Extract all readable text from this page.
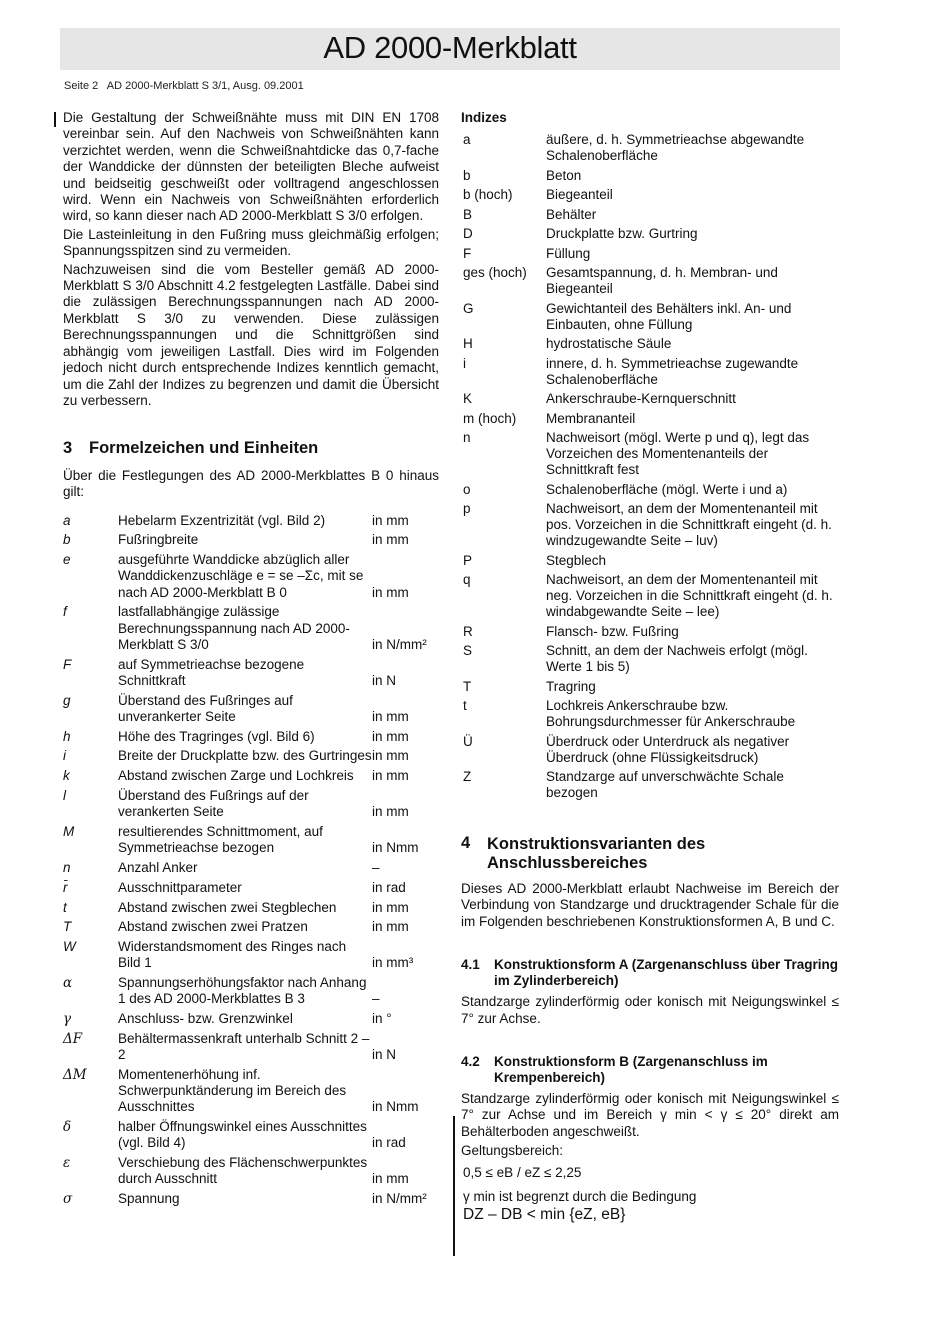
AD 2000-Merkblatt
Seite 2   AD 2000-Merkblatt S 3/1, Ausg. 09.2001

Die Gestaltung der Schweißnähte muss mit DIN EN 1708 vereinbar sein. Auf den Nachweis von Schweißnähten kann verzichtet werden, wenn die Schweißnahtdicke das 0,7-fache der Wanddicke der dünnsten der beteiligten Bleche aufweist und beidseitig geschweißt oder volltragend angeschlossen wird. Wenn ein Nachweis von Schweißnähten erforderlich wird, so kann dieser nach AD 2000-Merkblatt S 3/0 erfolgen.

Die Lasteinleitung in den Fußring muss gleichmäßig erfolgen; Spannungsspitzen sind zu vermeiden.

Nachzuweisen sind die vom Besteller gemäß AD 2000-Merkblatt S 3/0 Abschnitt 4.2 festgelegten Lastfälle. Dabei sind die zulässigen Berechnungsspannungen nach AD 2000-Merkblatt S 3/0 zu verwenden. Diese zulässigen Berechnungsspannungen und die Schnittgrößen sind abhängig vom jeweiligen Lastfall. Dies wird im Folgenden jedoch nicht durch entsprechende Indizes kenntlich gemacht, um die Zahl der Indizes zu begrenzen und damit die Übersicht zu verbessern.

3	Formelzeichen und Einheiten

Über die Festlegungen des AD 2000-Merkblattes B 0 hinaus gilt:

a	Hebelarm Exzentrizität (vgl. Bild 2)	in mm
b	Fußringbreite	in mm
e	ausgeführte Wanddicke abzüglich aller Wanddickenzuschläge e = se –Σc, mit se nach AD 2000-Merkblatt B 0	in mm
f	lastfallabhängige zulässige Berechnungsspannung nach AD 2000-Merkblatt S 3/0	in N/mm²
F	auf Symmetrieachse bezogene Schnittkraft	in N
g	Überstand des Fußringes auf unverankerter Seite	in mm
h	Höhe des Tragringes (vgl. Bild 6)	in mm
i	Breite der Druckplatte bzw. des Gurtringes	in mm
k	Abstand zwischen Zarge und Lochkreis	in mm
l	Überstand des Fußrings auf der verankerten Seite	in mm
M	resultierendes Schnittmoment, auf Symmetrieachse bezogen	in Nmm
n	Anzahl Anker	–
r̄	Ausschnittparameter	in rad
t	Abstand zwischen zwei Stegblechen	in mm
T	Abstand zwischen zwei Pratzen	in mm
W	Widerstandsmoment des Ringes nach Bild 1	in mm³
α	Spannungserhöhungsfaktor nach Anhang 1 des AD 2000-Merkblattes B 3	–
γ	Anschluss- bzw. Grenzwinkel	in °
ΔF	Behältermassenkraft unterhalb Schnitt 2 – 2	in N
ΔM	Momentenerhöhung inf. Schwerpunktänderung im Bereich des Ausschnittes	in Nmm
δ	halber Öffnungswinkel eines Ausschnittes (vgl. Bild 4)	in rad
ε	Verschiebung des Flächenschwerpunktes durch Ausschnitt	in mm
σ	Spannung	in N/mm²
Indizes
a	äußere, d. h. Symmetrieachse abgewandte Schalenoberfläche
b	Beton
b (hoch)	Biegeanteil
B	Behälter
D	Druckplatte bzw. Gurtring
F	Füllung
ges (hoch)	Gesamtspannung, d. h. Membran- und Biegeanteil
G	Gewichtanteil des Behälters inkl. An- und Einbauten, ohne Füllung
H	hydrostatische Säule
i	innere, d. h. Symmetrieachse zugewandte Schalenoberfläche
K	Ankerschraube-Kernquerschnitt
m (hoch)	Membrananteil
n	Nachweisort (mögl. Werte p und q), legt das Vorzeichen des Momentenanteils der Schnittkraft fest
o	Schalenoberfläche (mögl. Werte i und a)
p	Nachweisort, an dem der Momentenanteil mit pos. Vorzeichen in die Schnittkraft eingeht (d. h. windzugewandte Seite – luv)
P	Stegblech
q	Nachweisort, an dem der Momentenanteil mit neg. Vorzeichen in die Schnittkraft eingeht (d. h. windabgewandte Seite – lee)
R	Flansch- bzw. Fußring
S	Schnitt, an dem der Nachweis erfolgt (mögl. Werte 1 bis 5)
T	Tragring
t	Lochkreis Ankerschraube bzw. Bohrungsdurchmesser für Ankerschraube
Ü	Überdruck oder Unterdruck als negativer Überdruck (ohne Flüssigkeitsdruck)
Z	Standzarge auf unverschwächte Schale bezogen
4	Konstruktionsvarianten des Anschlussbereiches

Dieses AD 2000-Merkblatt erlaubt Nachweise im Bereich der Verbindung von Standzarge und drucktragender Schale für die im Folgenden beschriebenen Konstruktionsformen A, B und C.

4.1	Konstruktionsform A (Zargenanschluss über Tragring im Zylinderbereich)

Standzarge zylinderförmig oder konisch mit Neigungswinkel ≤ 7° zur Achse.

4.2	Konstruktionsform B (Zargenanschluss im Krempenbereich)

Standzarge zylinderförmig oder konisch mit Neigungswinkel ≤ 7° zur Achse und im Bereich γ min < γ ≤ 20° direkt am Behälterboden angeschweißt.

Geltungsbereich:

0,5 ≤ eB / eZ ≤ 2,25

γ min ist begrenzt durch die Bedingung

DZ – DB < min {eZ, eB}
